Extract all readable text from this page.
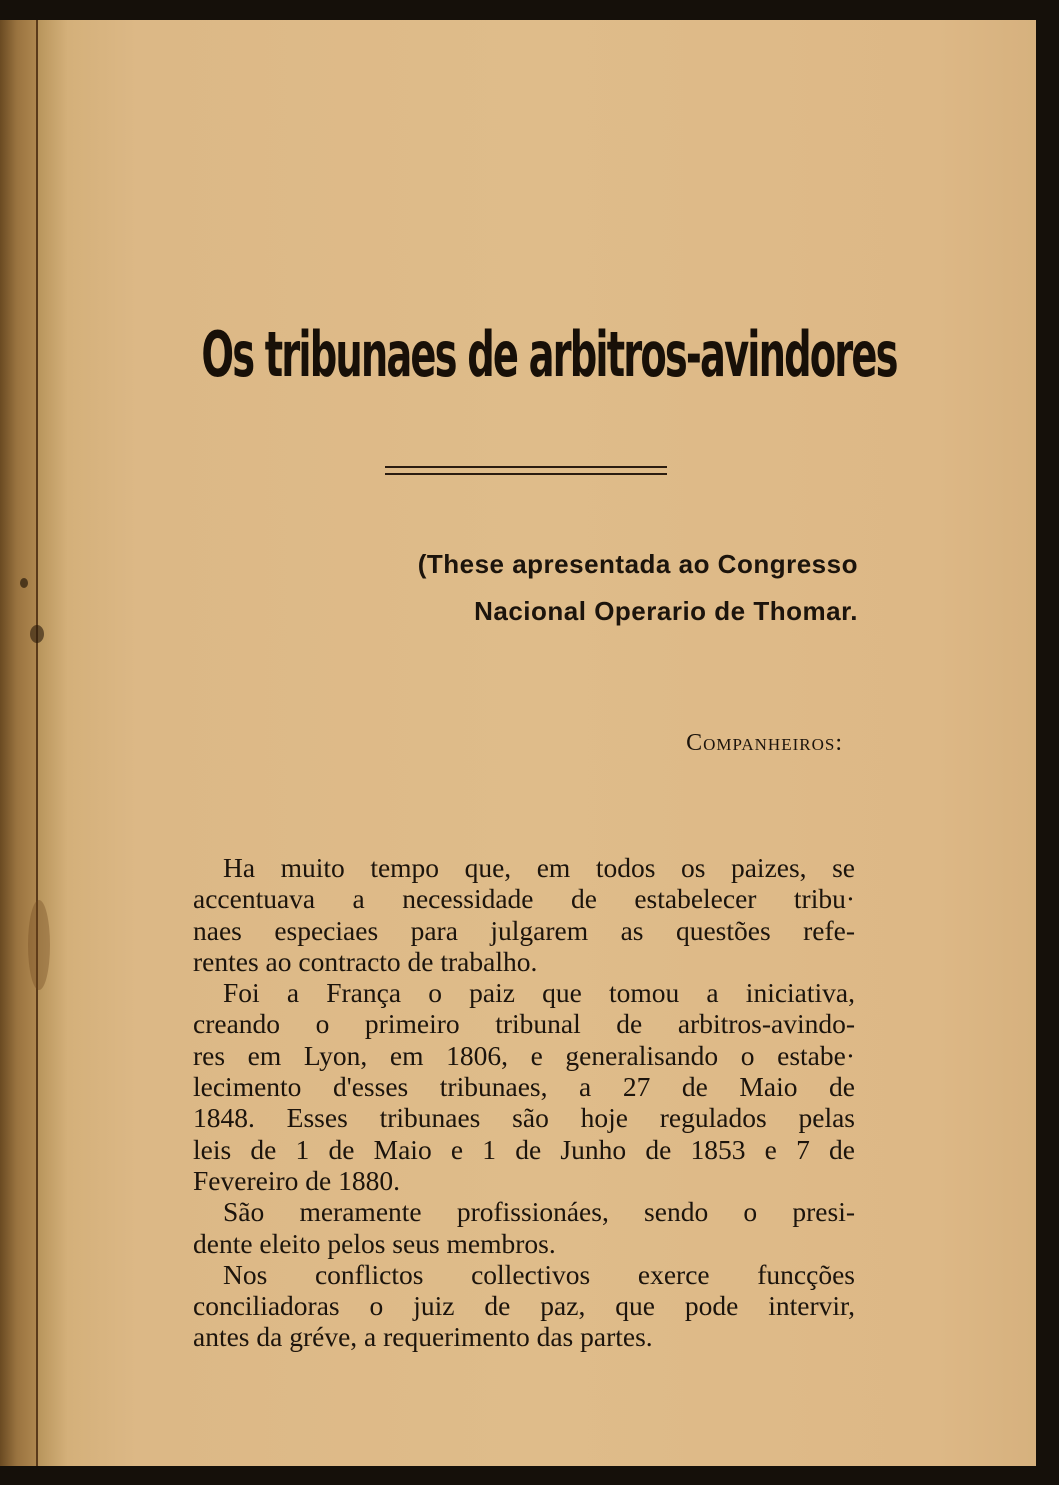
Os tribunaes de arbitros-avindores
(These apresentada ao Congresso
Nacional Operario de Thomar.
Companheiros:
Ha muito tempo que, em todos os paizes, se
accentuava a necessidade de estabelecer tribu·
naes especiaes para julgarem as questões refe-
rentes ao contracto de trabalho.
Foi a França o paiz que tomou a iniciativa,
creando o primeiro tribunal de arbitros-avindo-
res em Lyon, em 1806, e generalisando o estabe·
lecimento d'esses tribunaes, a 27 de Maio de
1848. Esses tribunaes são hoje regulados pelas
leis de 1 de Maio e 1 de Junho de 1853 e 7 de
Fevereiro de 1880.
São meramente profissionáes, sendo o presi-
dente eleito pelos seus membros.
Nos conflictos collectivos exerce funcções
conciliadoras o juiz de paz, que pode intervir,
antes da gréve, a requerimento das partes.
